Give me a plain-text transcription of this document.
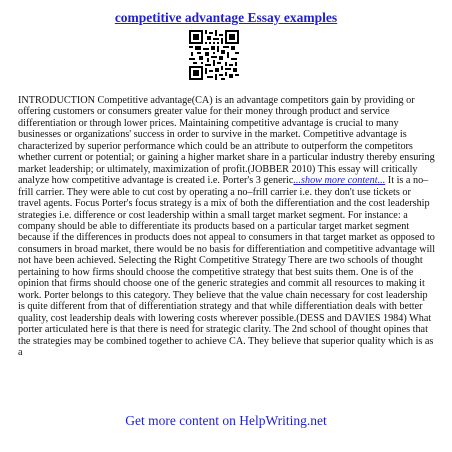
competitive advantage Essay examples
INTRODUCTION Competitive advantage(CA) is an advantage competitors gain by providing or offering customers or consumers greater value for their money through product and service differentiation or through lower prices. Maintaining competitive advantage is crucial to many businesses or organizations' success in order to survive in the market. Competitive advantage is characterized by superior performance which could be an attribute to outperform the competitors whether current or potential; or gaining a higher market share in a particular industry thereby ensuring market leadership; or ultimately, maximization of profit.(JOBBER 2010) This essay will critically analyze how competitive advantage is created i.e. Porter's 3 generic...show more content... It is a no–frill carrier. They were able to cut cost by operating a no–frill carrier i.e. they don't use tickets or travel agents. Focus Porter's focus strategy is a mix of both the differentiation and the cost leadership strategies i.e. difference or cost leadership within a small target market segment. For instance: a company should be able to differentiate its products based on a particular target market segment because if the differences in products does not appeal to consumers in that target market as opposed to consumers in broad market, there would be no basis for differentiation and competitive advantage will not have been achieved. Selecting the Right Competitive Strategy There are two schools of thought pertaining to how firms should choose the competitive strategy that best suits them. One is of the opinion that firms should choose one of the generic strategies and commit all resources to making it work. Porter belongs to this category. They believe that the value chain necessary for cost leadership is quite different from that of differentiation strategy and that while differentiation deals with better quality, cost leadership deals with lowering costs wherever possible.(DESS and DAVIES 1984) What porter articulated here is that there is need for strategic clarity. The 2nd school of thought opines that the strategies may be combined together to achieve CA. They believe that superior quality which is as a
Get more content on HelpWriting.net
